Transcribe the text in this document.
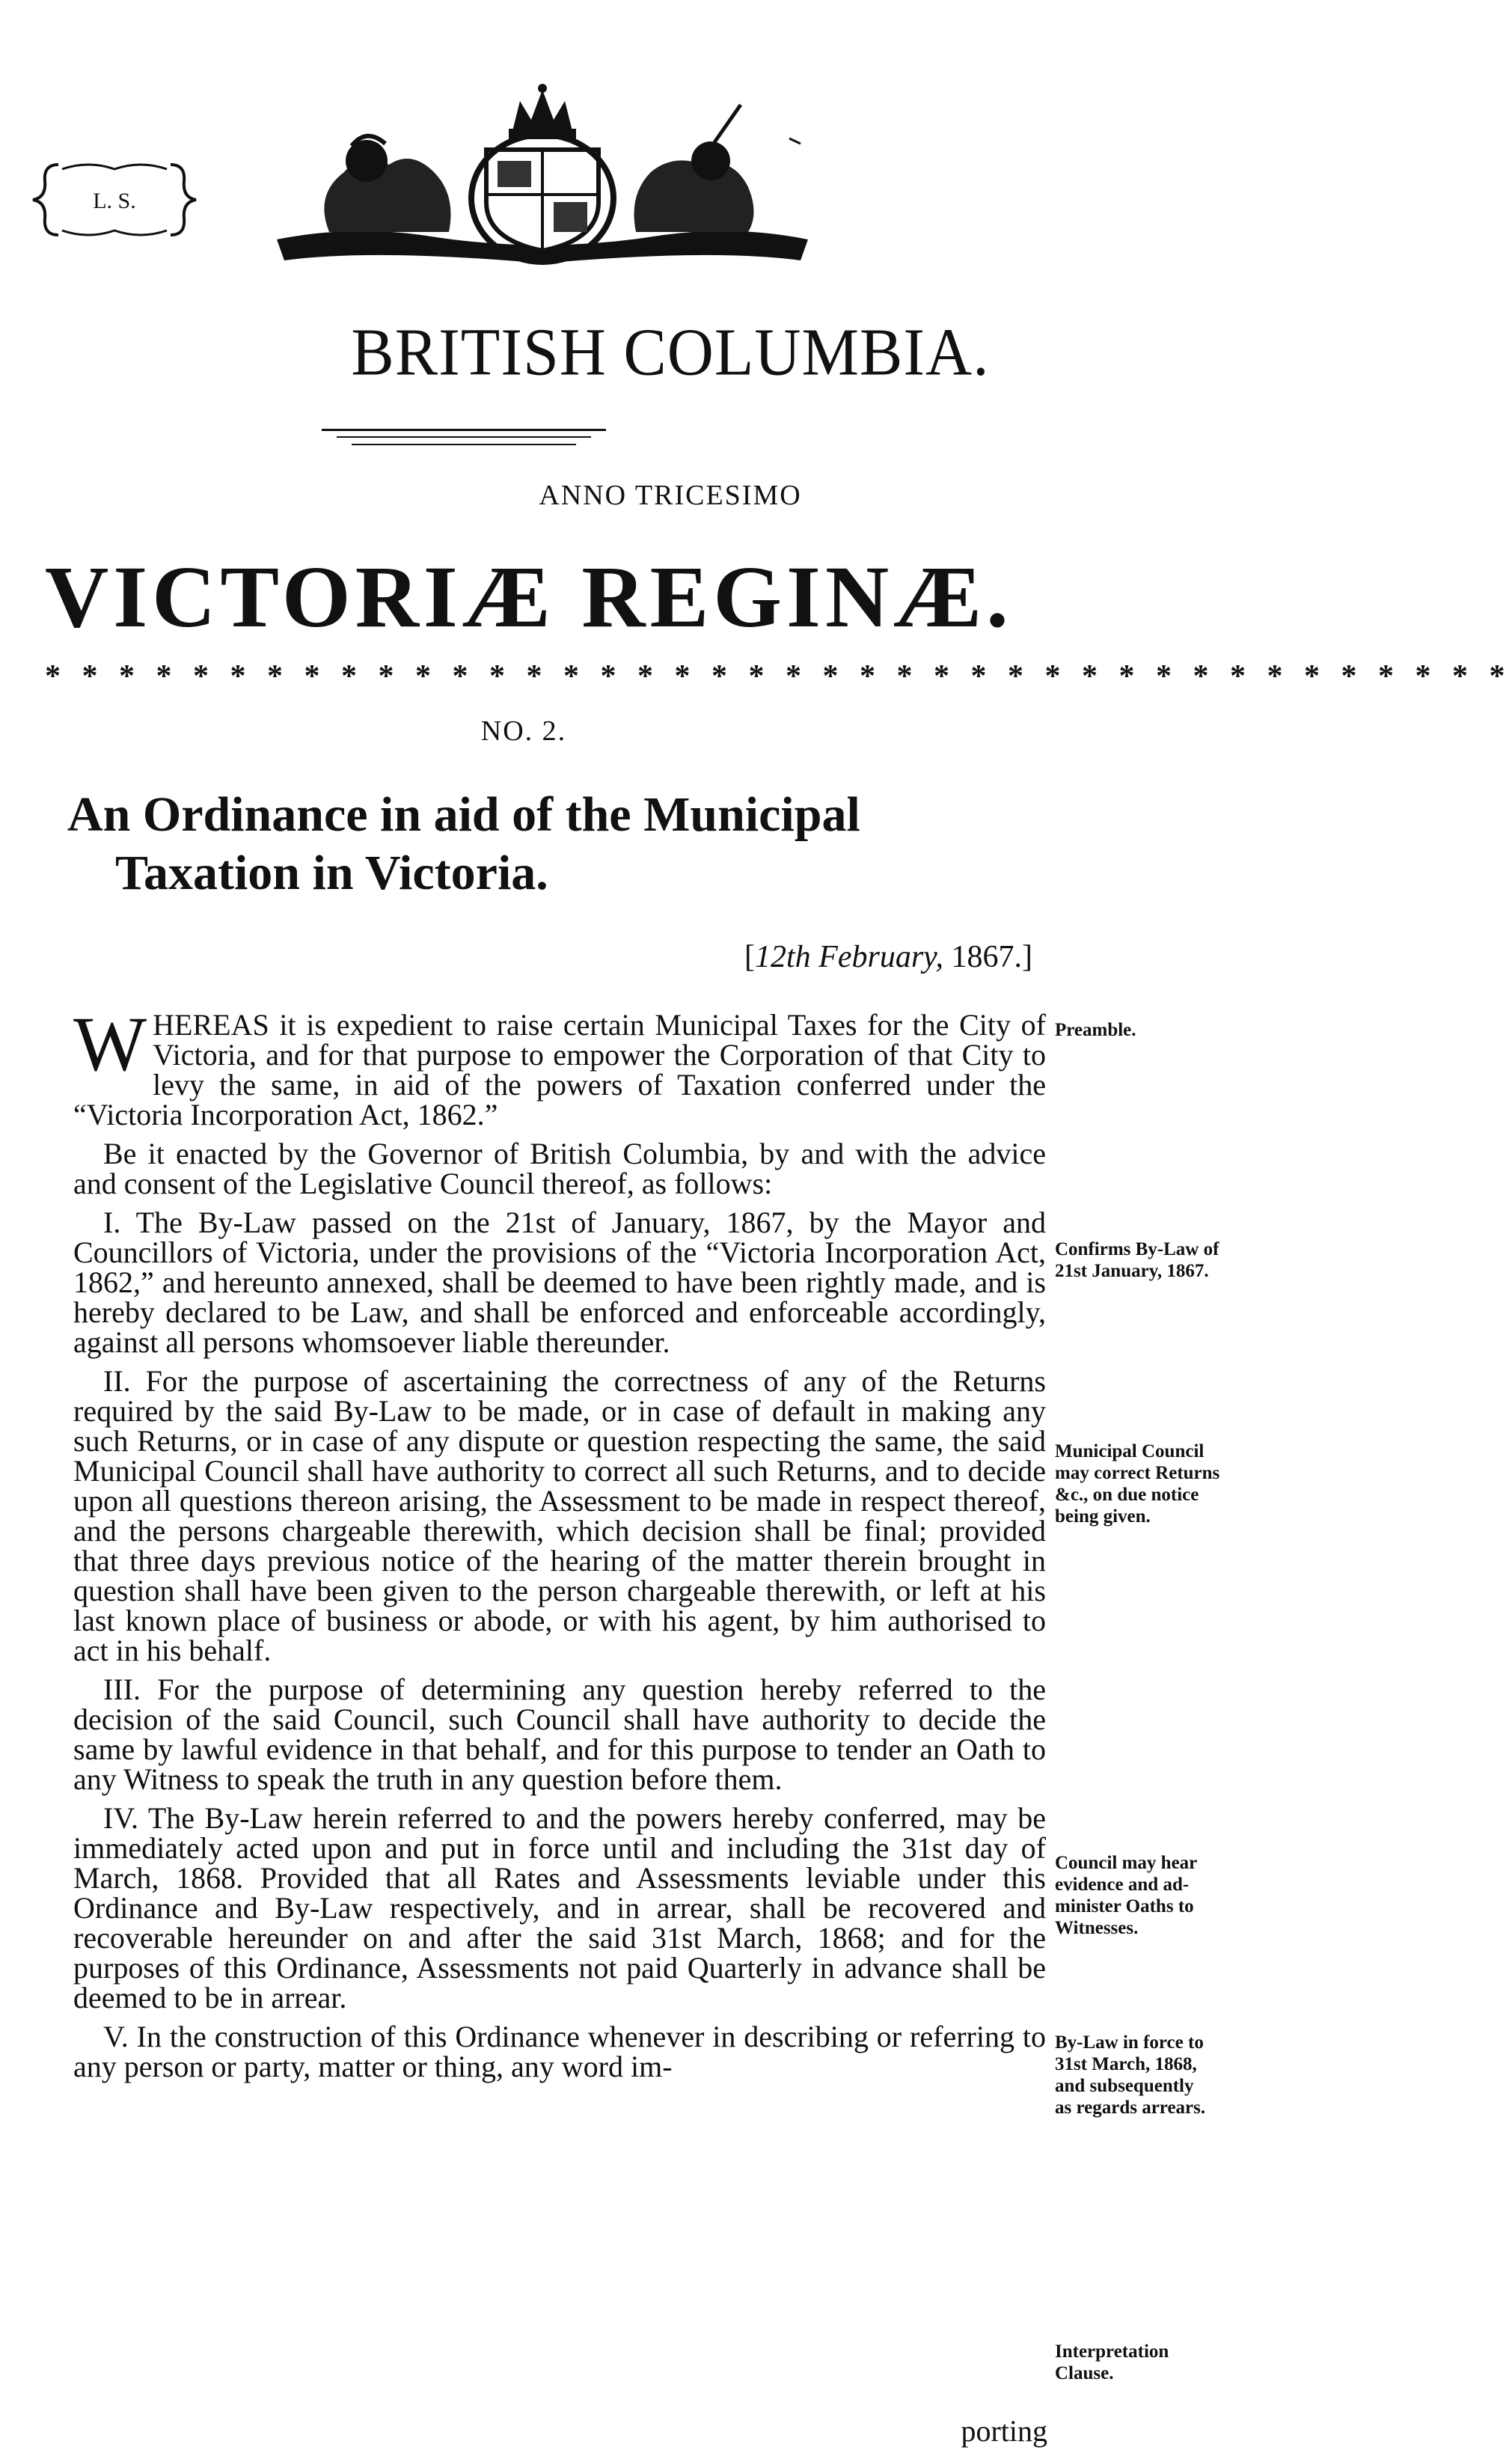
L. S.
BRITISH COLUMBIA.
ANNO TRICESIMO
VICTORIÆ REGINÆ.
* * * * * * * * * * * * * * * * * * * * * * * * * * * * * * * * * * * * * * * *
NO. 2.
An Ordinance in aid of the Municipal
Taxation in Victoria.
[12th February, 1867.]

WHEREAS it is expedient to raise certain Municipal Taxes for the City of Victoria, and for that purpose to empower the Corporation of that City to levy the same, in aid of the powers of Taxation conferred under the “Victoria Incorporation Act, 1862.”

Be it enacted by the Governor of British Columbia, by and with the advice and consent of the Legislative Council thereof, as follows:

I. The By-Law passed on the 21st of January, 1867, by the Mayor and Councillors of Victoria, under the provisions of the “Victoria Incorporation Act, 1862,” and hereunto annexed, shall be deemed to have been rightly made, and is hereby declared to be Law, and shall be enforced and enforceable accordingly, against all persons whomsoever liable thereunder.

II. For the purpose of ascertaining the correctness of any of the Returns required by the said By-Law to be made, or in case of default in making any such Returns, or in case of any dispute or question respecting the same, the said Municipal Council shall have authority to correct all such Returns, and to decide upon all questions thereon arising, the Assessment to be made in respect thereof, and the persons chargeable therewith, which decision shall be final; provided that three days previous notice of the hearing of the matter therein brought in question shall have been given to the person chargeable therewith, or left at his last known place of business or abode, or with his agent, by him authorised to act in his behalf.

III. For the purpose of determining any question hereby referred to the decision of the said Council, such Council shall have authority to decide the same by lawful evidence in that behalf, and for this purpose to tender an Oath to any Witness to speak the truth in any question before them.

IV. The By-Law herein referred to and the powers hereby conferred, may be immediately acted upon and put in force until and including the 31st day of March, 1868. Provided that all Rates and Assessments leviable under this Ordinance and By-Law respectively, and in arrear, shall be recovered and recoverable hereunder on and after the said 31st March, 1868; and for the purposes of this Ordinance, Assessments not paid Quarterly in advance shall be deemed to be in arrear.

V. In the construction of this Ordinance whenever in describing or referring to any person or party, matter or thing, any word im-

Preamble.
Confirms By-Law of
21st January, 1867.
Municipal Council
may correct Returns
&c., on due notice
being given.
Council may hear
evidence and ad-
minister Oaths to
Witnesses.
By-Law in force to
31st March, 1868,
and subsequently
as regards arrears.
Interpretation
Clause.
porting
